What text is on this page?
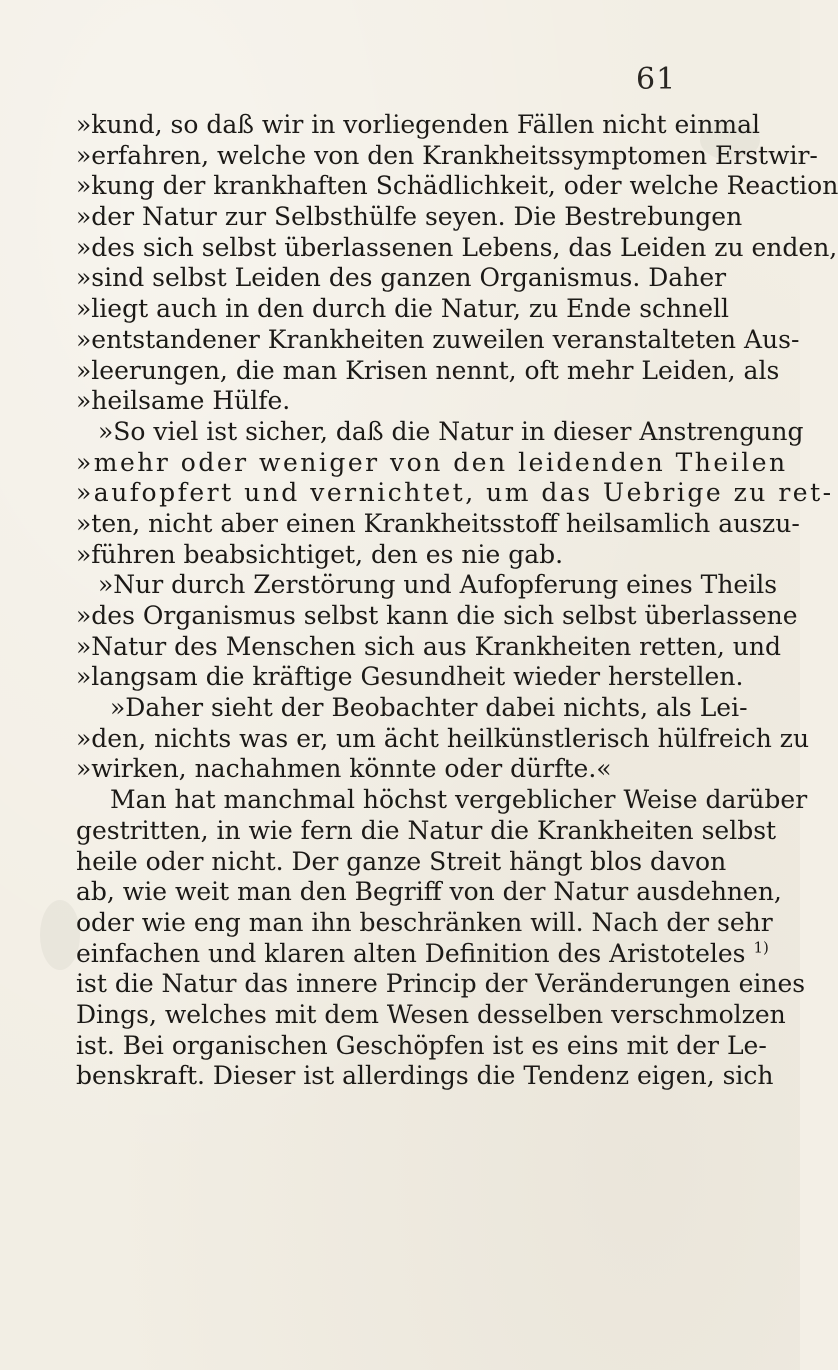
61
»kund, so daß wir in vorliegenden Fällen nicht einmal
»erfahren, welche von den Krankheitssymptomen Erstwir-
»kung der krankhaften Schädlichkeit, oder welche Reaction
»der Natur zur Selbsthülfe seyen. Die Bestrebungen
»des sich selbst überlassenen Lebens, das Leiden zu enden,
»sind selbst Leiden des ganzen Organismus. Daher
»liegt auch in den durch die Natur, zu Ende schnell
»entstandener Krankheiten zuweilen veranstalteten Aus-
»leerungen, die man Krisen nennt, oft mehr Leiden, als
»heilsame Hülfe.
»So viel ist sicher, daß die Natur in dieser Anstrengung
»mehr oder weniger von den leidenden Theilen
»aufopfert und vernichtet, um das Uebrige zu ret-
»ten, nicht aber einen Krankheitsstoff heilsamlich auszu-
»führen beabsichtiget, den es nie gab.
»Nur durch Zerstörung und Aufopferung eines Theils
»des Organismus selbst kann die sich selbst überlassene
»Natur des Menschen sich aus Krankheiten retten, und
»langsam die kräftige Gesundheit wieder herstellen.
»Daher sieht der Beobachter dabei nichts, als Lei-
»den, nichts was er, um ächt heilkünstlerisch hülfreich zu
»wirken, nachahmen könnte oder dürfte.«
Man hat manchmal höchst vergeblicher Weise darüber
gestritten, in wie fern die Natur die Krankheiten selbst
heile oder nicht. Der ganze Streit hängt blos davon
ab, wie weit man den Begriff von der Natur ausdehnen,
oder wie eng man ihn beschränken will. Nach der sehr
einfachen und klaren alten Definition des Aristoteles $^{1)}$
ist die Natur das innere Princip der Veränderungen eines
Dings, welches mit dem Wesen desselben verschmolzen
ist. Bei organischen Geschöpfen ist es eins mit der Le-
benskraft. Dieser ist allerdings die Tendenz eigen, sich
